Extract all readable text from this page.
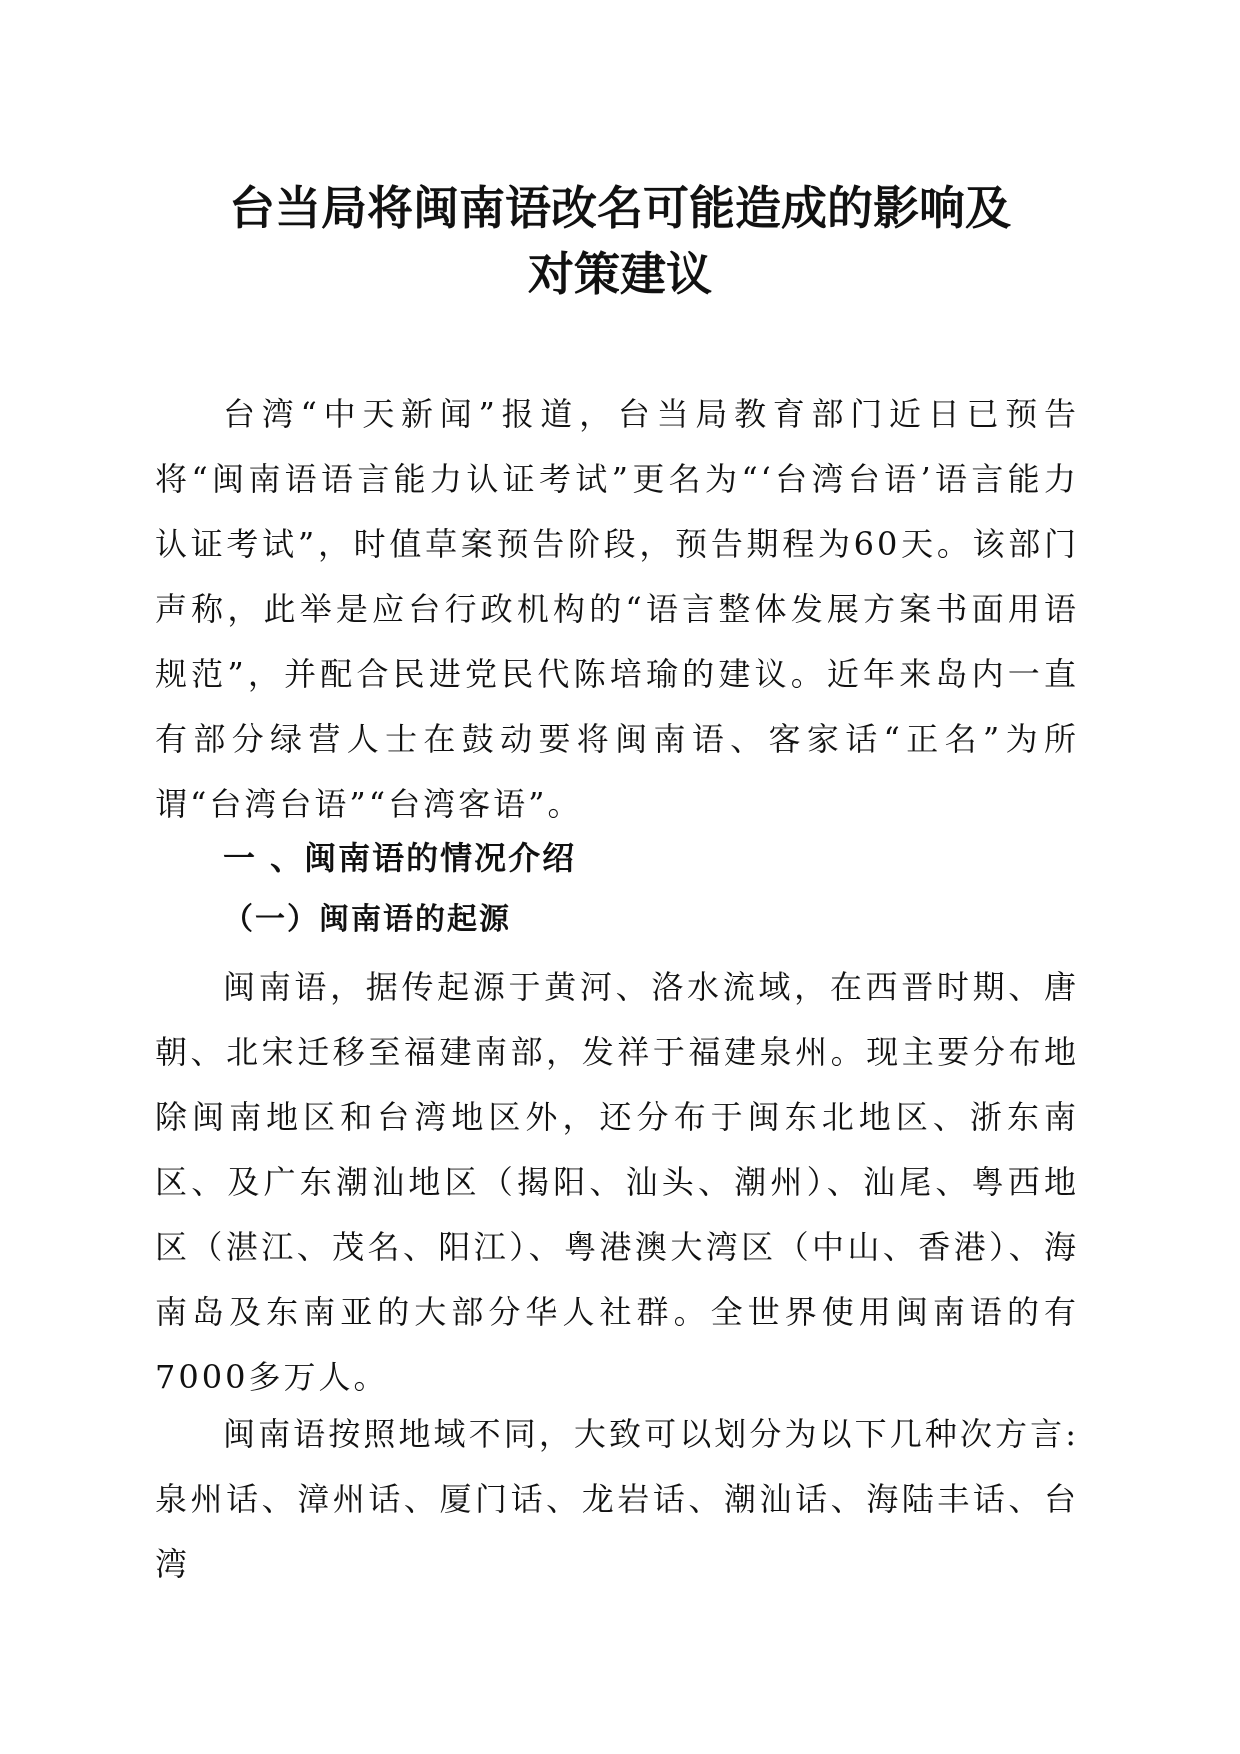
台当局将闽南语改名可能造成的影响及
对策建议

台湾“中天新闻”报道，台当局教育部门近日已预告将“闽南语语言能力认证考试”更名为“‘台湾台语’语言能力认证考试”，时值草案预告阶段，预告期程为60天。该部门声称，此举是应台行政机构的“语言整体发展方案书面用语规范”，并配合民进党民代陈培瑜的建议。近年来岛内一直有部分绿营人士在鼓动要将闽南语、客家话“正名”为所谓“台湾台语”“台湾客语”。

一 、闽南语的情况介绍
（一）闽南语的起源

闽南语，据传起源于黄河、洛水流域，在西晋时期、唐朝、北宋迁移至福建南部，发祥于福建泉州。现主要分布地除闽南地区和台湾地区外，还分布于闽东北地区、浙东南区、及广东潮汕地区（揭阳、汕头、潮州）、汕尾、粤西地区（湛江、茂名、阳江）、粤港澳大湾区（中山、香港）、海南岛及东南亚的大部分华人社群。全世界使用闽南语的有7000多万人。

闽南语按照地域不同，大致可以划分为以下几种次方言:泉州话、漳州话、厦门话、龙岩话、潮汕话、海陆丰话、台湾
